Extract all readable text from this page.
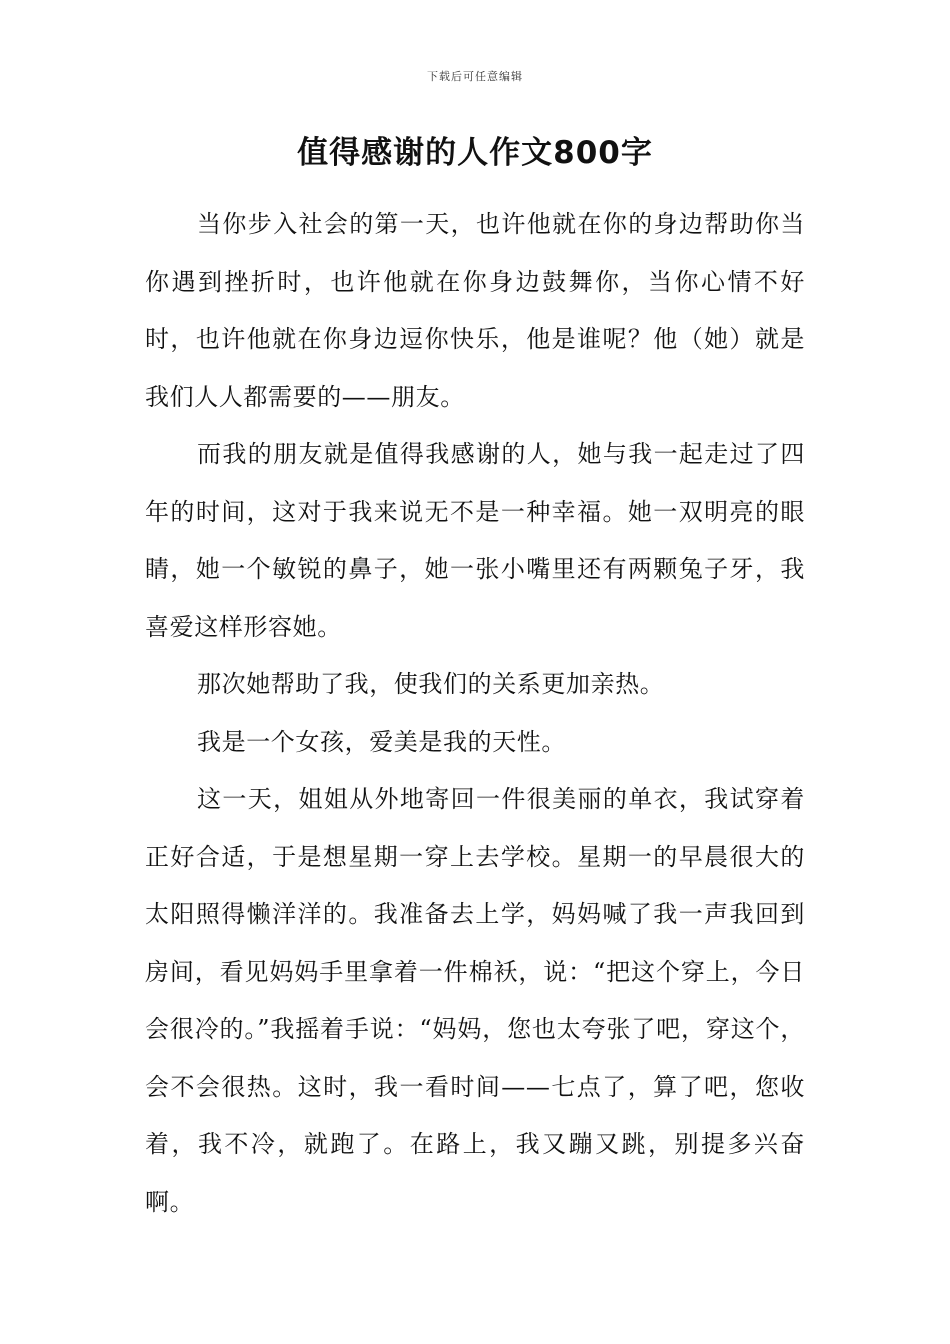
下载后可任意编辑
值得感谢的人作文800字

当你步入社会的第一天，也许他就在你的身边帮助你当你遇到挫折时，也许他就在你身边鼓舞你，当你心情不好时，也许他就在你身边逗你快乐，他是谁呢？他（她）就是我们人人都需要的——朋友。

而我的朋友就是值得我感谢的人，她与我一起走过了四年的时间，这对于我来说无不是一种幸福。她一双明亮的眼睛，她一个敏锐的鼻子，她一张小嘴里还有两颗兔子牙，我喜爱这样形容她。

那次她帮助了我，使我们的关系更加亲热。

我是一个女孩，爱美是我的天性。

这一天，姐姐从外地寄回一件很美丽的单衣，我试穿着正好合适，于是想星期一穿上去学校。星期一的早晨很大的太阳照得懒洋洋的。我准备去上学，妈妈喊了我一声我回到房间，看见妈妈手里拿着一件棉袄，说：“把这个穿上，今日会很冷的。”我摇着手说：“妈妈，您也太夸张了吧，穿这个，会不会很热。这时，我一看时间——七点了，算了吧，您收着，我不冷，就跑了。在路上，我又蹦又跳，别提多兴奋啊。
